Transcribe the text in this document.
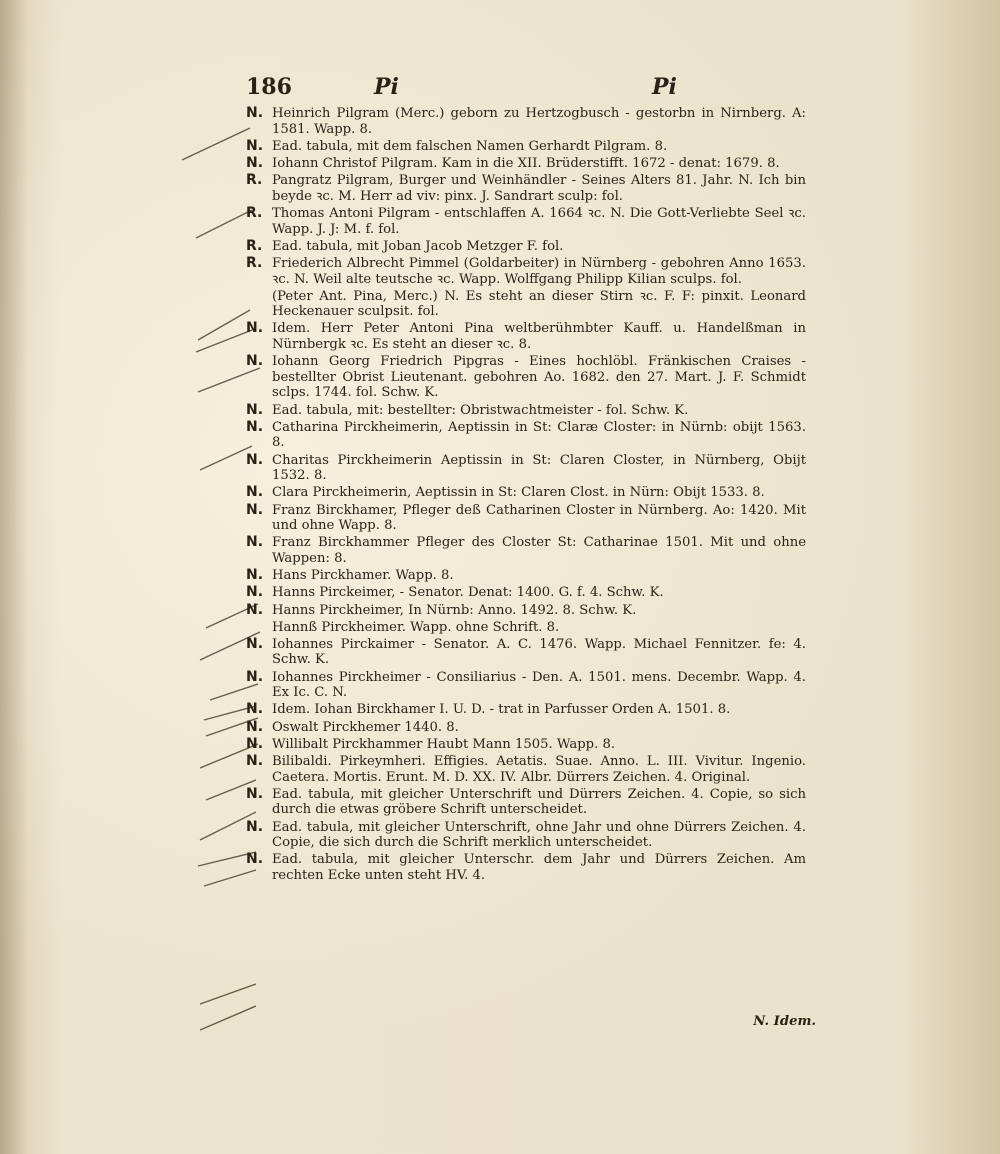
186	Pi	Pi
N. Heinrich Pilgram (Merc.) geborn zu Hertzogbusch - gestorbn in Nirnberg. A: 1581. Wapp. 8.
N. Ead. tabula, mit dem falschen Namen Gerhardt Pilgram. 8.
N. Iohann Christof Pilgram. Kam in die XII. Brüderstifft. 1672 - denat: 1679. 8.
R. Pangratz Pilgram, Burger und Weinhändler - Seines Alters 81. Jahr. N. Ich bin beyde ꝛc. M. Herr ad viv: pinx. J. Sandrart sculp: fol.
R. Thomas Antoni Pilgram - entschlaffen A. 1664 ꝛc. N. Die Gott-Verliebte Seel ꝛc. Wapp. J. J: M. f. fol.
R. Ead. tabula, mit Joban Jacob Metzger F. fol.
R. Friederich Albrecht Pimmel (Goldarbeiter) in Nürnberg - gebohren Anno 1653. ꝛc. N. Weil alte teutsche ꝛc. Wapp. Wolffgang Philipp Kilian sculps. fol.
(Peter Ant. Pina, Merc.) N. Es steht an dieser Stirn ꝛc. F. F: pinxit. Leonard Heckenauer sculpsit. fol.
N. Idem. Herr Peter Antoni Pina weltberühmbter Kauff. u. Handelßman in Nürnbergk ꝛc. Es steht an dieser ꝛc. 8.
N. Iohann Georg Friedrich Pipgras - Eines hochlöbl. Fränkischen Craises - bestellter Obrist Lieutenant. gebohren Ao. 1682. den 27. Mart. J. F. Schmidt sclps. 1744. fol. Schw. K.
N. Ead. tabula, mit: bestellter: Obristwachtmeister - fol. Schw. K.
N. Catharina Pirckheimerin, Aeptissin in St: Claræ Closter: in Nürnb: obijt 1563. 8.
N. Charitas Pirckheimerin Aeptissin in St: Claren Closter, in Nürnberg, Obijt 1532. 8.
N. Clara Pirckheimerin, Aeptissin in St: Claren Clost. in Nürn: Obijt 1533. 8.
N. Franz Birckhamer, Pfleger deß Catharinen Closter in Nürnberg. Ao: 1420. Mit und ohne Wapp. 8.
N. Franz Birckhammer Pfleger des Closter St: Catharinae 1501. Mit und ohne Wappen: 8.
N. Hans Pirckhamer. Wapp. 8.
N. Hanns Pirckeimer, - Senator. Denat: 1400. G. f. 4. Schw. K.
N. Hanns Pirckheimer, In Nürnb: Anno. 1492. 8. Schw. K.
Hannß Pirckheimer. Wapp. ohne Schrift. 8.
N. Iohannes Pirckaimer - Senator. A. C. 1476. Wapp. Michael Fennitzer. fe: 4. Schw. K.
N. Iohannes Pirckheimer - Consiliarius - Den. A. 1501. mens. Decembr. Wapp. 4. Ex Ic. C. N.
N. Idem. Iohan Birckhamer I. U. D. - trat in Parfusser Orden A. 1501. 8.
N. Oswalt Pirckhemer 1440. 8.
N. Willibalt Pirckhammer Haubt Mann 1505. Wapp. 8.
N. Bilibaldi. Pirkeymheri. Effigies. Aetatis. Suae. Anno. L. III. Vivitur. Ingenio. Caetera. Mortis. Erunt. M. D. XX. IV. Albr. Dürrers Zeichen. 4. Original.
N. Ead. tabula, mit gleicher Unterschrift und Dürrers Zeichen. 4. Copie, so sich durch die etwas gröbere Schrift unterscheidet.
N. Ead. tabula, mit gleicher Unterschrift, ohne Jahr und ohne Dürrers Zeichen. 4. Copie, die sich durch die Schrift merklich unterscheidet.
N. Ead. tabula, mit gleicher Unterschr. dem Jahr und Dürrers Zeichen. Am rechten Ecke unten steht HV. 4.
N. Idem.
